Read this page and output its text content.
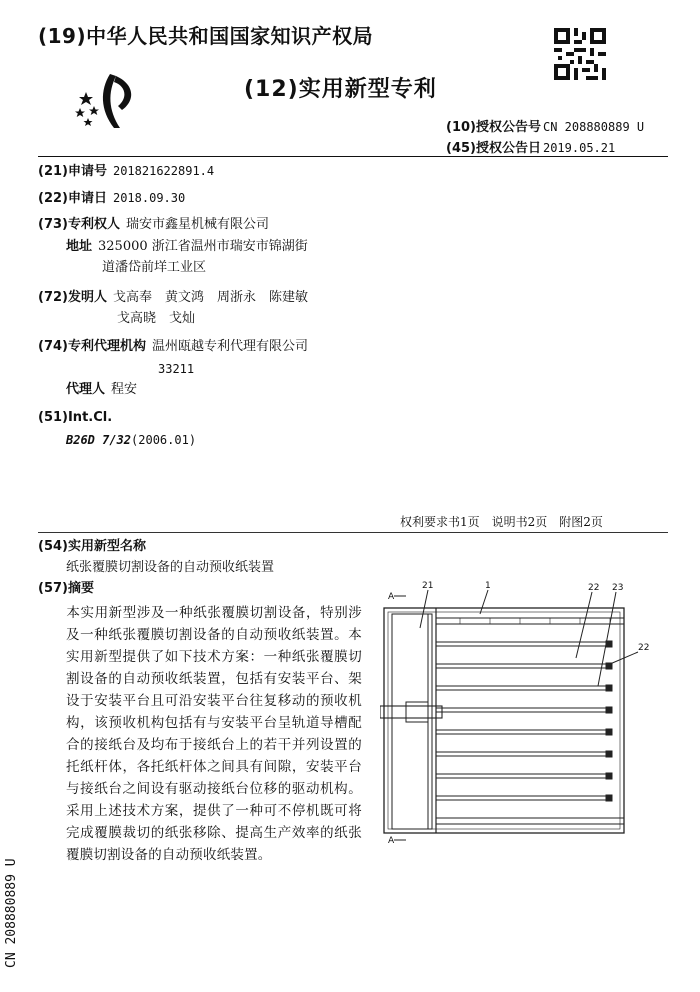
(19)中华人民共和国国家知识产权局
(12)实用新型专利
(10)授权公告号 CN 208880889 U
(45)授权公告日 2019.05.21
(21)申请号 201821622891.4
(22)申请日 2018.09.30
(73)专利权人 瑞安市鑫星机械有限公司
地址 325000 浙江省温州市瑞安市锦湖街
道潘岱前垟工业区
(72)发明人 戈高奉　黄文鸿　周浙永　陈建敏
戈高晓　戈灿
(74)专利代理机构 温州瓯越专利代理有限公司
33211
代理人 程安
(51)Int.Cl.
B26D 7/32(2006.01)
权利要求书1页 说明书2页 附图2页
(54)实用新型名称
纸张覆膜切割设备的自动预收纸装置
(57)摘要
本实用新型涉及一种纸张覆膜切割设备，特别涉及一种纸张覆膜切割设备的自动预收纸装置。本实用新型提供了如下技术方案：一种纸张覆膜切割设备的自动预收纸装置，包括有安装平台、架设于安装平台且可沿安装平台往复移动的预收机构，该预收机构包括有与安装平台呈轨道导槽配合的接纸台及均布于接纸台上的若干并列设置的托纸杆体，各托纸杆体之间具有间隙，安装平台与接纸台之间设有驱动接纸台位移的驱动机构。采用上述技术方案，提供了一种可不停机既可将完成覆膜裁切的纸张移除、提高生产效率的纸张覆膜切割设备的自动预收纸装置。
A
A
1
21	22 23
22
CN 208880889 U
